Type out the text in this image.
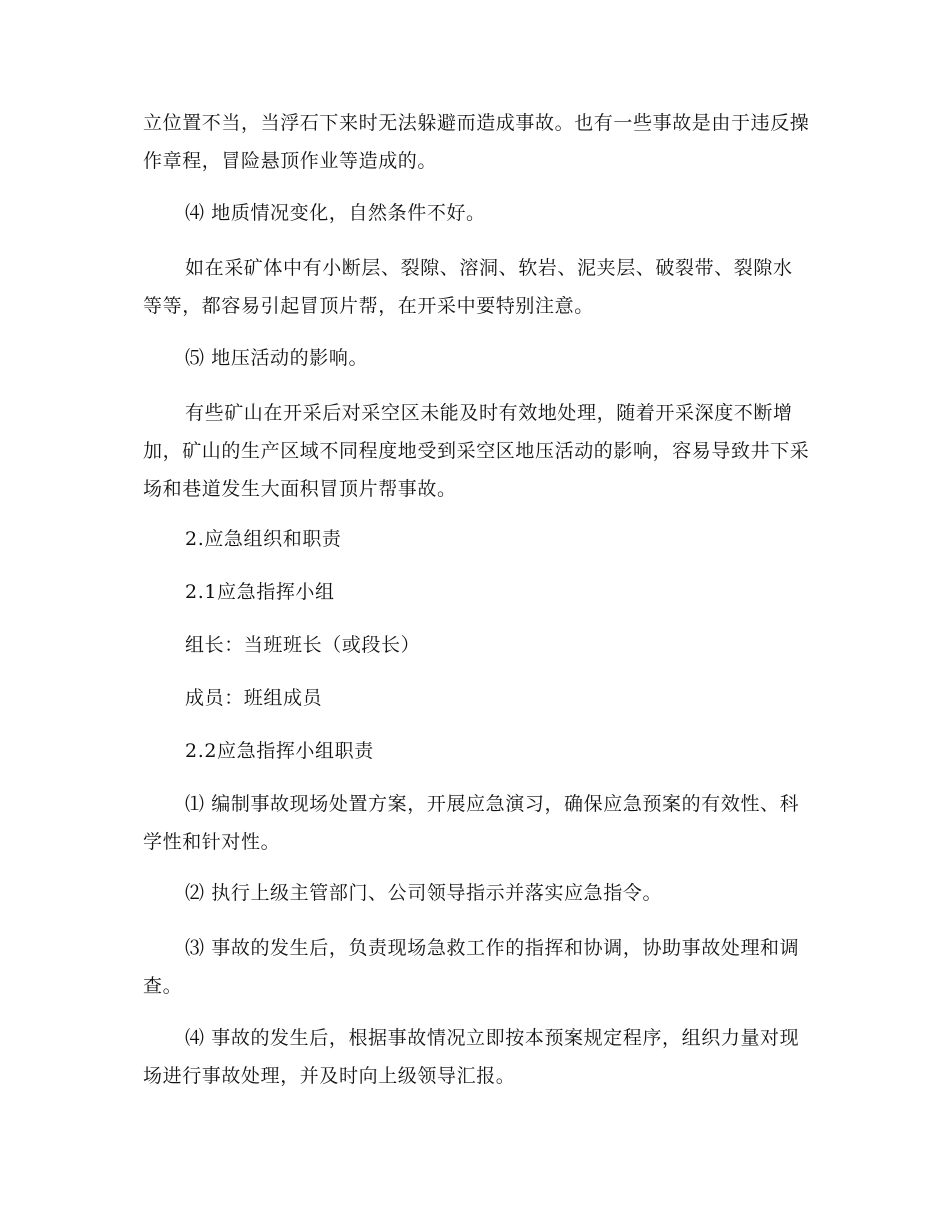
立位置不当，当浮石下来时无法躲避而造成事故。也有一些事故是由于违反操作章程，冒险悬顶作业等造成的。

⑷ 地质情况变化，自然条件不好。

如在采矿体中有小断层、裂隙、溶洞、软岩、泥夹层、破裂带、裂隙水等等，都容易引起冒顶片帮，在开采中要特别注意。

⑸ 地压活动的影响。

有些矿山在开采后对采空区未能及时有效地处理，随着开采深度不断增加，矿山的生产区域不同程度地受到采空区地压活动的影响，容易导致井下采场和巷道发生大面积冒顶片帮事故。

2.应急组织和职责

2.1应急指挥小组

组长：当班班长（或段长）

成员：班组成员

2.2应急指挥小组职责

⑴ 编制事故现场处置方案，开展应急演习，确保应急预案的有效性、科学性和针对性。

⑵ 执行上级主管部门、公司领导指示并落实应急指令。

⑶ 事故的发生后，负责现场急救工作的指挥和协调，协助事故处理和调查。

⑷ 事故的发生后，根据事故情况立即按本预案规定程序，组织力量对现场进行事故处理，并及时向上级领导汇报。
